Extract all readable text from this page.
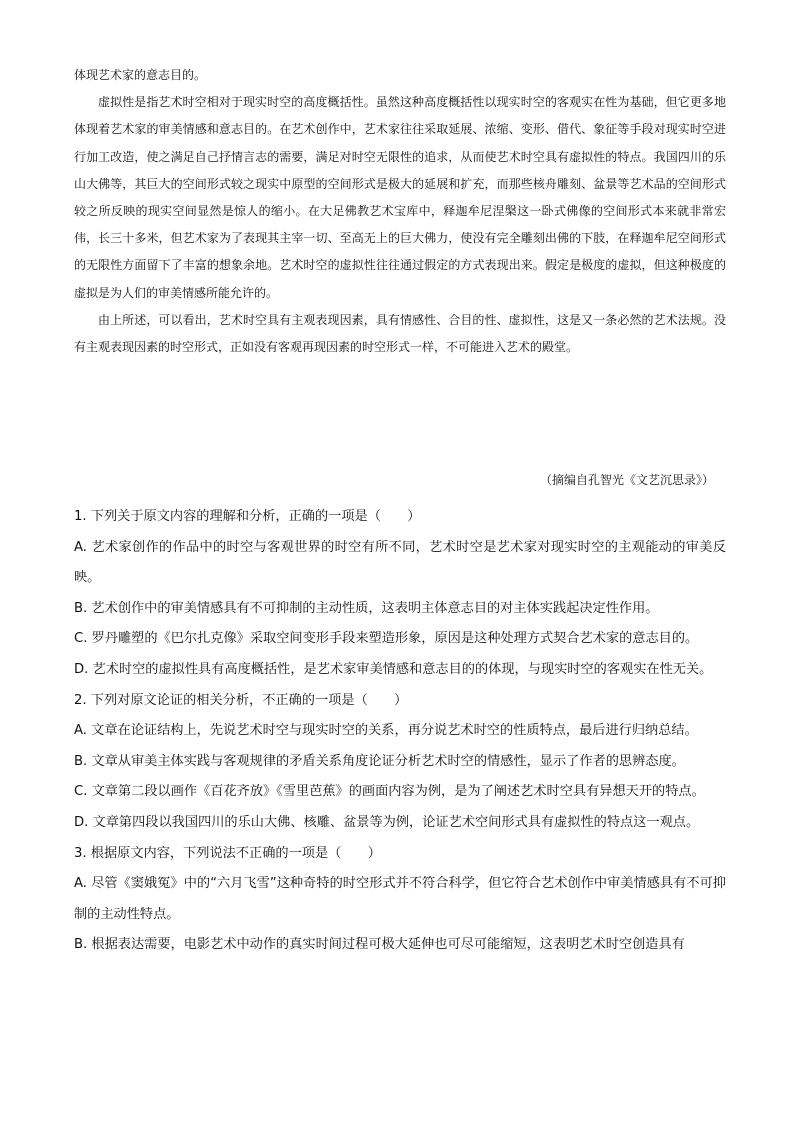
体现艺术家的意志目的。

虚拟性是指艺术时空相对于现实时空的高度概括性。虽然这种高度概括性以现实时空的客观实在性为基础，但它更多地体现着艺术家的审美情感和意志目的。在艺术创作中，艺术家往往采取延展、浓缩、变形、借代、象征等手段对现实时空进行加工改造，使之满足自己抒情言志的需要，满足对时空无限性的追求，从而使艺术时空具有虚拟性的特点。我国四川的乐山大佛等，其巨大的空间形式较之现实中原型的空间形式是极大的延展和扩充，而那些核舟雕刻、盆景等艺术品的空间形式较之所反映的现实空间显然是惊人的缩小。在大足佛教艺术宝库中，释迦牟尼涅槃这一卧式佛像的空间形式本来就非常宏伟，长三十多米，但艺术家为了表现其主宰一切、至高无上的巨大佛力，使没有完全雕刻出佛的下肢，在释迦牟尼空间形式的无限性方面留下了丰富的想象余地。艺术时空的虚拟性往往通过假定的方式表现出来。假定是极度的虚拟，但这种极度的虚拟是为人们的审美情感所能允许的。

由上所述，可以看出，艺术时空具有主观表现因素，具有情感性、合目的性、虚拟性，这是又一条必然的艺术法规。没有主观表现因素的时空形式，正如没有客观再现因素的时空形式一样，不可能进入艺术的殿堂。

（摘编自孔智光《文艺沉思录》）

1. 下列关于原文内容的理解和分析，正确的一项是（　　）

A. 艺术家创作的作品中的时空与客观世界的时空有所不同，艺术时空是艺术家对现实时空的主观能动的审美反映。

B. 艺术创作中的审美情感具有不可抑制的主动性质，这表明主体意志目的对主体实践起决定性作用。

C. 罗丹雕塑的《巴尔扎克像》采取空间变形手段来塑造形象，原因是这种处理方式契合艺术家的意志目的。

D. 艺术时空的虚拟性具有高度概括性，是艺术家审美情感和意志目的的体现，与现实时空的客观实在性无关。

2. 下列对原文论证的相关分析，不正确的一项是（　　）

A. 文章在论证结构上，先说艺术时空与现实时空的关系，再分说艺术时空的性质特点，最后进行归纳总结。

B. 文章从审美主体实践与客观规律的矛盾关系角度论证分析艺术时空的情感性，显示了作者的思辨态度。

C. 文章第二段以画作《百花齐放》《雪里芭蕉》的画面内容为例，是为了阐述艺术时空具有异想天开的特点。

D. 文章第四段以我国四川的乐山大佛、核雕、盆景等为例，论证艺术空间形式具有虚拟性的特点这一观点。

3. 根据原文内容，下列说法不正确的一项是（　　）

A. 尽管《窦娥冤》中的“六月飞雪”这种奇特的时空形式并不符合科学，但它符合艺术创作中审美情感具有不可抑制的主动性特点。

B. 根据表达需要，电影艺术中动作的真实时间过程可极大延伸也可尽可能缩短，这表明艺术时空创造具有
